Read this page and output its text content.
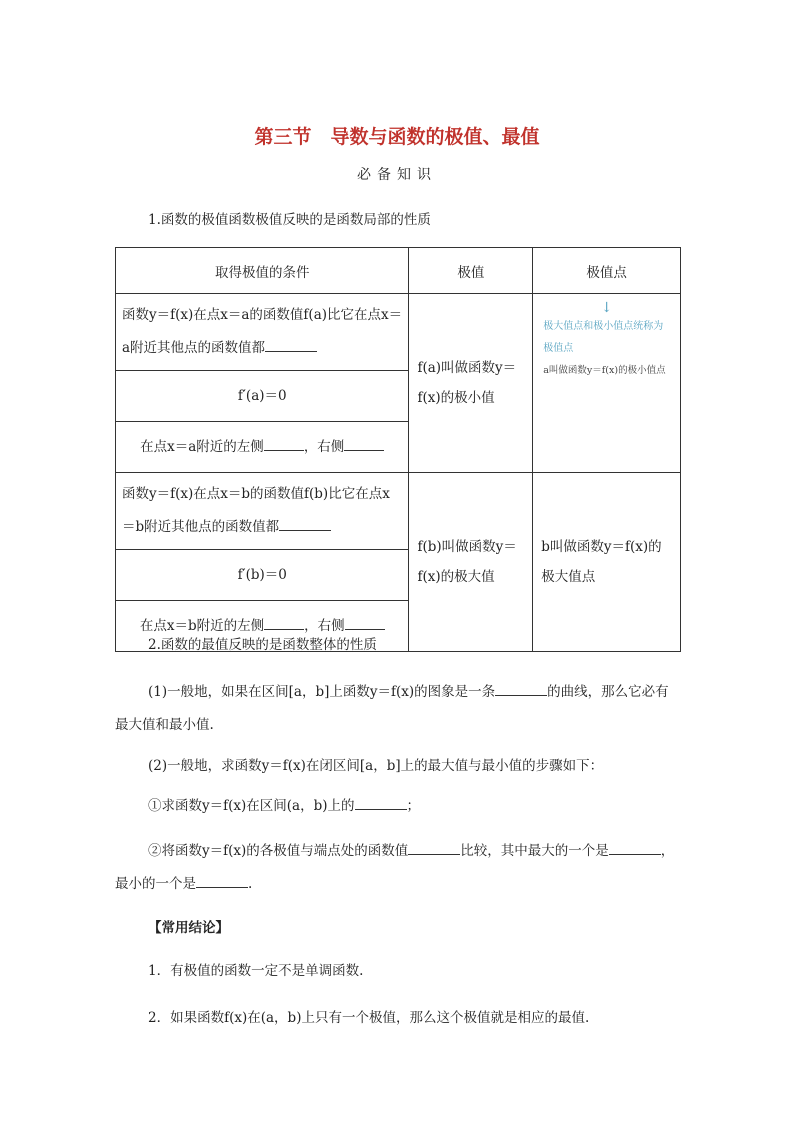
第三节　导数与函数的极值、最值
必备知识
1.函数的极值函数极值反映的是函数局部的性质
取得极值的条件	极值	极值点
函数y＝f(x)在点x＝a的函数值f(a)比它在点x＝a附近其他点的函数值都	f(a)叫做函数y＝f(x)的极小值	↓
极大值点和极小值点统称为极值点
a叫做函数y＝f(x)的极小值点
f′(a)＝0		
在点x＝a附近的左侧 ，右侧		
函数y＝f(x)在点x＝b的函数值f(b)比它在点x＝b附近其他点的函数值都	f(b)叫做函数y＝f(x)的极大值	b叫做函数y＝f(x)的极大值点
f′(b)＝0		
在点x＝b附近的左侧 ，右侧		
2.函数的最值反映的是函数整体的性质
(1)一般地，如果在区间[a，b]上函数y＝f(x)的图象是一条	的曲线，那么它必有最大值和最小值.
(2)一般地，求函数y＝f(x)在闭区间[a，b]上的最大值与最小值的步骤如下：
①求函数y＝f(x)在区间(a，b)上的	；
②将函数y＝f(x)的各极值与端点处的函数值	比较，其中最大的一个是	，最小的一个是	.
【常用结论】
1．有极值的函数一定不是单调函数.
2．如果函数f(x)在(a，b)上只有一个极值，那么这个极值就是相应的最值.
